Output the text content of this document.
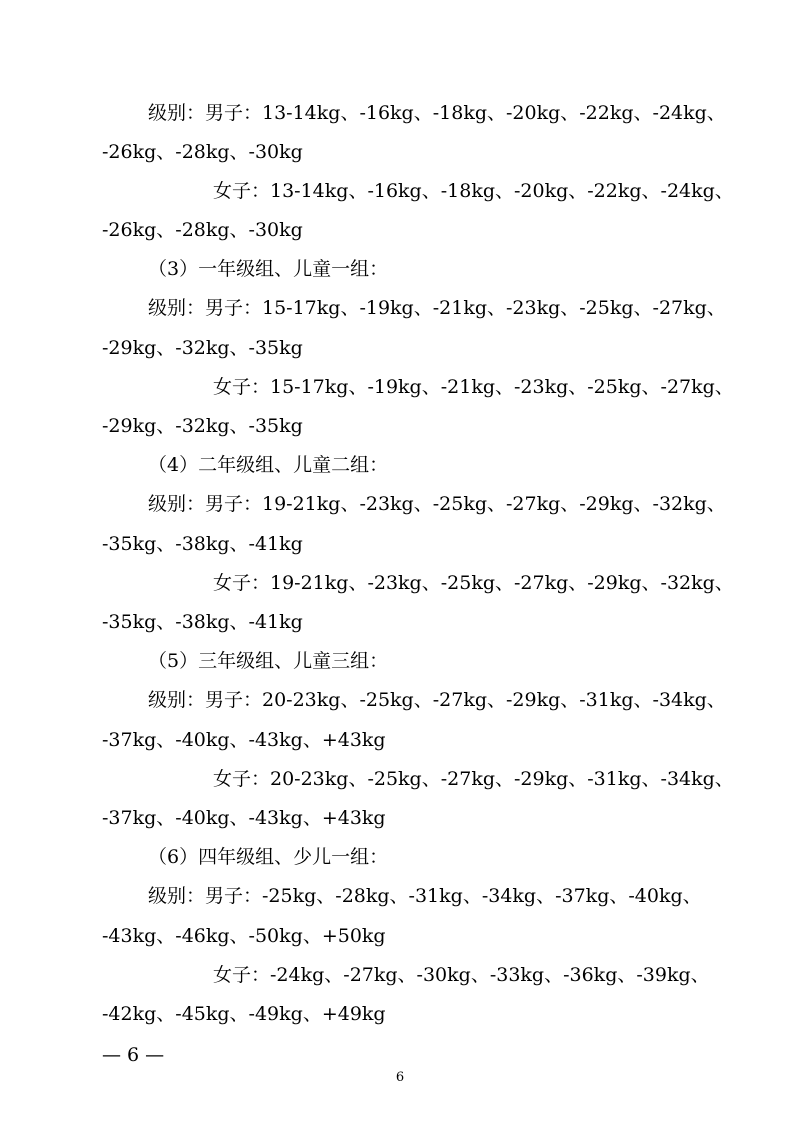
级别：男子：13-14kg、-16kg、-18kg、-20kg、-22kg、-24kg、
-26kg、-28kg、-30kg
女子：13-14kg、-16kg、-18kg、-20kg、-22kg、-24kg、
-26kg、-28kg、-30kg
（3）一年级组、儿童一组：
级别：男子：15-17kg、-19kg、-21kg、-23kg、-25kg、-27kg、
-29kg、-32kg、-35kg
女子：15-17kg、-19kg、-21kg、-23kg、-25kg、-27kg、
-29kg、-32kg、-35kg
（4）二年级组、儿童二组：
级别：男子：19-21kg、-23kg、-25kg、-27kg、-29kg、-32kg、
-35kg、-38kg、-41kg
女子：19-21kg、-23kg、-25kg、-27kg、-29kg、-32kg、
-35kg、-38kg、-41kg
（5）三年级组、儿童三组：
级别：男子：20-23kg、-25kg、-27kg、-29kg、-31kg、-34kg、
-37kg、-40kg、-43kg、+43kg
女子：20-23kg、-25kg、-27kg、-29kg、-31kg、-34kg、
-37kg、-40kg、-43kg、+43kg
（6）四年级组、少儿一组：
级别：男子：-25kg、-28kg、-31kg、-34kg、-37kg、-40kg、
-43kg、-46kg、-50kg、+50kg
女子：-24kg、-27kg、-30kg、-33kg、-36kg、-39kg、
-42kg、-45kg、-49kg、+49kg
— 6 —
6
